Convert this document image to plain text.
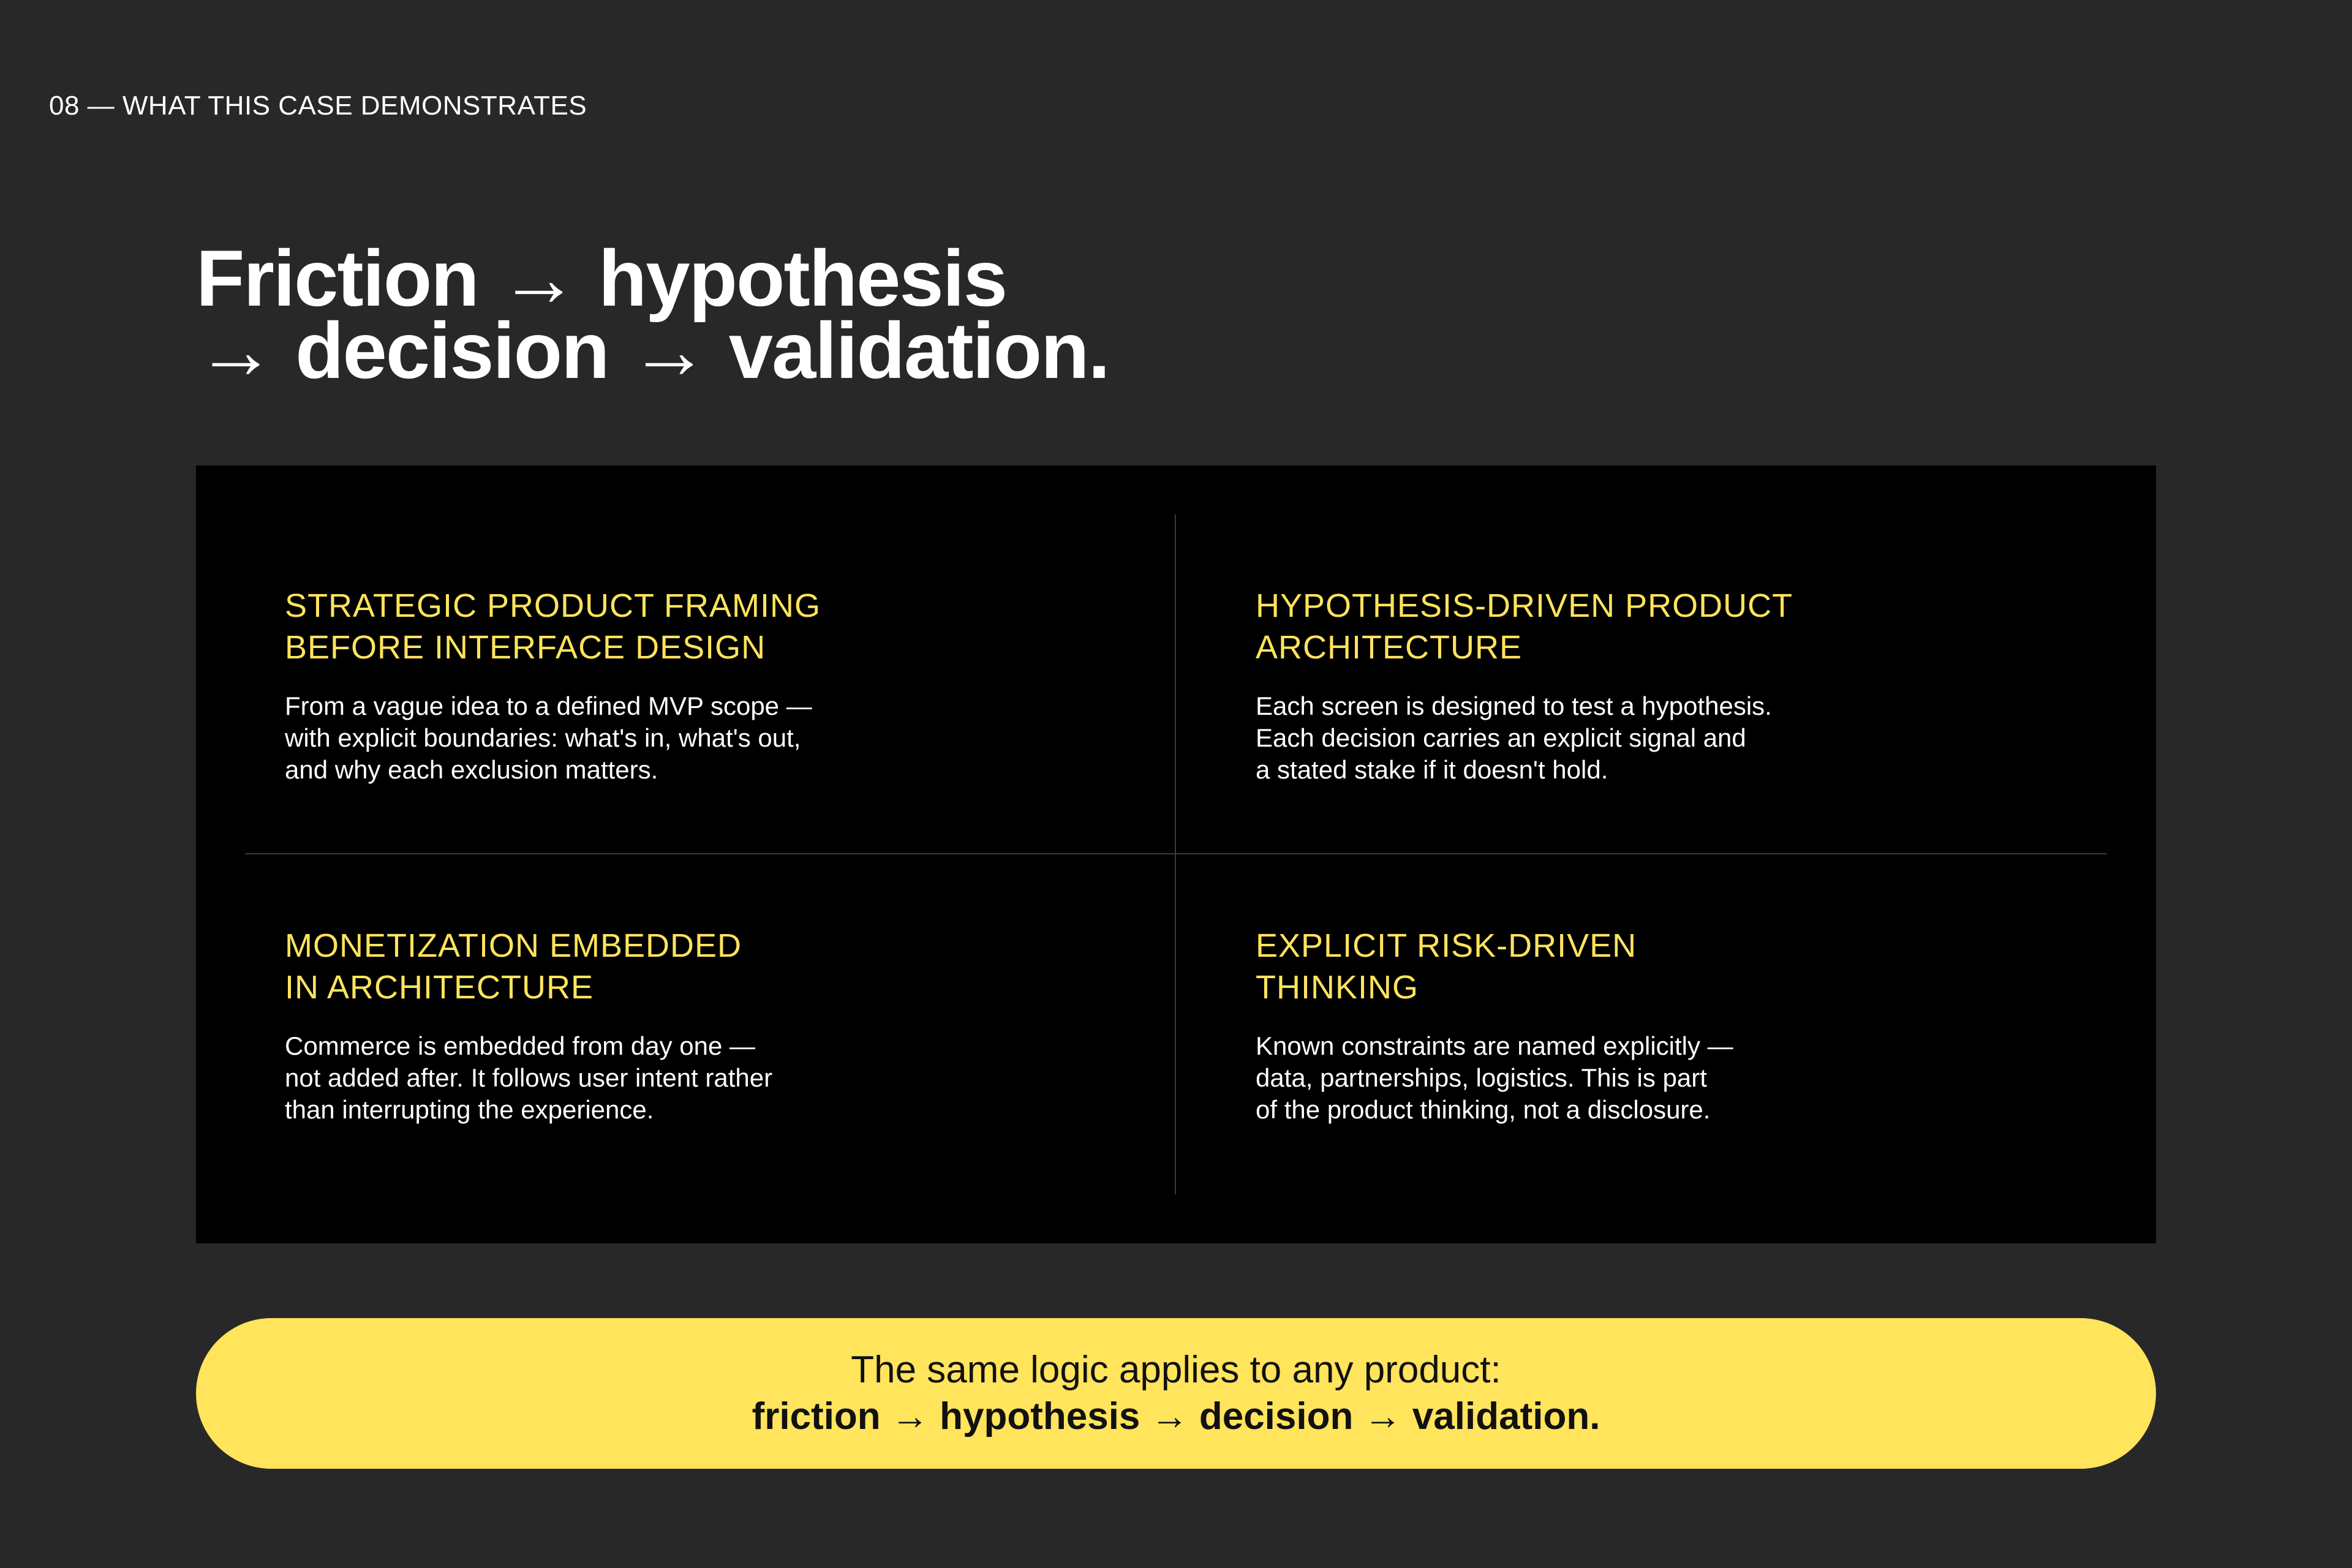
08 — WHAT THIS CASE DEMONSTRATES
Friction → hypothesis
→ decision → validation.
STRATEGIC PRODUCT FRAMING
BEFORE INTERFACE DESIGN
From a vague idea to a defined MVP scope —
with explicit boundaries: what's in, what's out,
and why each exclusion matters.
HYPOTHESIS-DRIVEN PRODUCT
ARCHITECTURE
Each screen is designed to test a hypothesis.
Each decision carries an explicit signal and
a stated stake if it doesn't hold.
MONETIZATION EMBEDDED
IN ARCHITECTURE
Commerce is embedded from day one —
not added after. It follows user intent rather
than interrupting the experience.
EXPLICIT RISK-DRIVEN
THINKING
Known constraints are named explicitly —
data, partnerships, logistics. This is part
of the product thinking, not a disclosure.
The same logic applies to any product:
friction → hypothesis → decision → validation.
